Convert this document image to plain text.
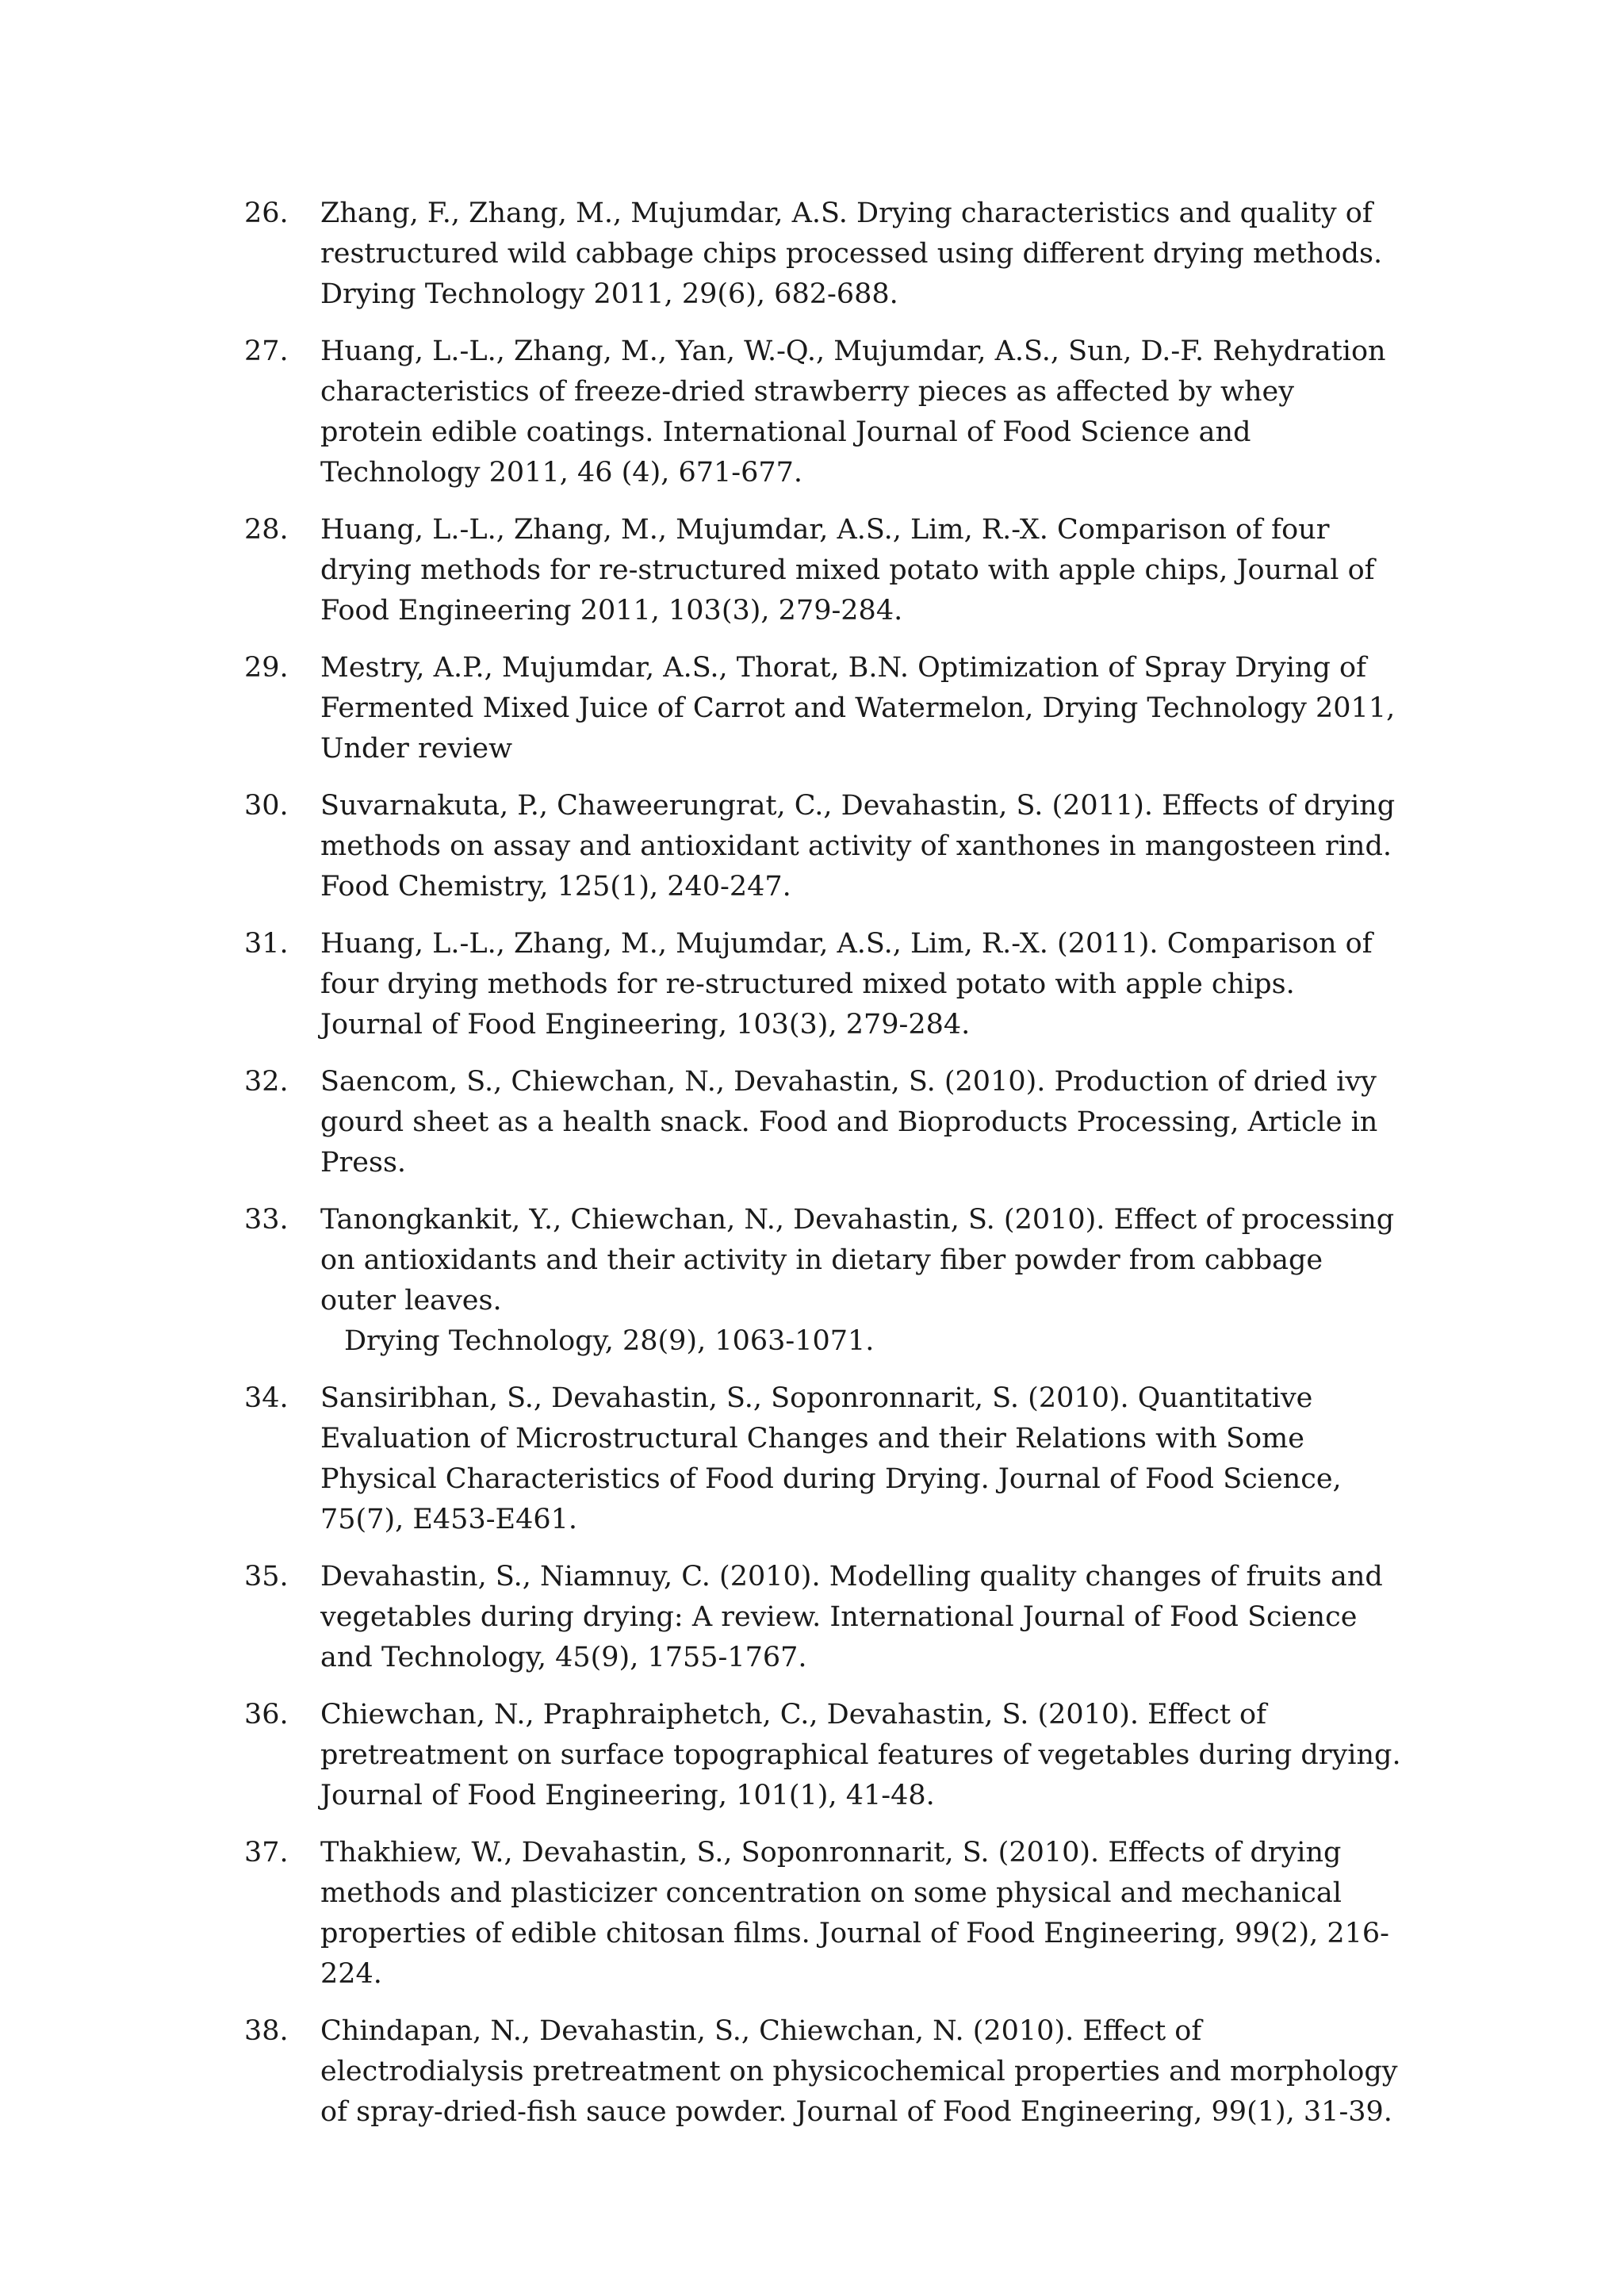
26.	Zhang, F., Zhang, M., Mujumdar, A.S. Drying characteristics and quality of restructured wild cabbage chips processed using different drying methods. Drying Technology 2011, 29(6), 682-688.
27.	Huang, L.-L., Zhang, M., Yan, W.-Q., Mujumdar, A.S., Sun, D.-F. Rehydration characteristics of freeze-dried strawberry pieces as affected by whey protein edible coatings. International Journal of Food Science and Technology 2011, 46 (4), 671-677.
28.	Huang, L.-L., Zhang, M., Mujumdar, A.S., Lim, R.-X. Comparison of four drying methods for re-structured mixed potato with apple chips, Journal of Food Engineering 2011, 103(3), 279-284.
29.	Mestry, A.P., Mujumdar, A.S., Thorat, B.N. Optimization of Spray Drying of Fermented Mixed Juice of Carrot and Watermelon, Drying Technology 2011, Under review
30.	Suvarnakuta, P., Chaweerungrat, C., Devahastin, S. (2011). Effects of drying methods on assay and antioxidant activity of xanthones in mangosteen rind. Food Chemistry, 125(1), 240-247.
31.	Huang, L.-L., Zhang, M., Mujumdar, A.S., Lim, R.-X. (2011). Comparison of four drying methods for re-structured mixed potato with apple chips. Journal of Food Engineering, 103(3), 279-284.
32.	Saencom, S., Chiewchan, N., Devahastin, S. (2010). Production of dried ivy gourd sheet as a health snack. Food and Bioproducts Processing, Article in Press.
33.	Tanongkankit, Y., Chiewchan, N., Devahastin, S. (2010). Effect of processing on antioxidants and their activity in dietary fiber powder from cabbage outer leaves.
Drying Technology, 28(9), 1063-1071.
34.	Sansiribhan, S., Devahastin, S., Soponronnarit, S. (2010). Quantitative Evaluation of Microstructural Changes and their Relations with Some Physical Characteristics of Food during Drying. Journal of Food Science, 75(7), E453-E461.
35.	Devahastin, S., Niamnuy, C. (2010). Modelling quality changes of fruits and vegetables during drying: A review. International Journal of Food Science and Technology, 45(9), 1755-1767.
36.	Chiewchan, N., Praphraiphetch, C., Devahastin, S. (2010). Effect of pretreatment on surface topographical features of vegetables during drying. Journal of Food Engineering, 101(1), 41-48.
37.	Thakhiew, W., Devahastin, S., Soponronnarit, S. (2010). Effects of drying methods and plasticizer concentration on some physical and mechanical properties of edible chitosan films. Journal of Food Engineering, 99(2), 216-224.
38.	Chindapan, N., Devahastin, S., Chiewchan, N. (2010). Effect of electrodialysis pretreatment on physicochemical properties and morphology of spray-dried-fish sauce powder. Journal of Food Engineering, 99(1), 31-39.
